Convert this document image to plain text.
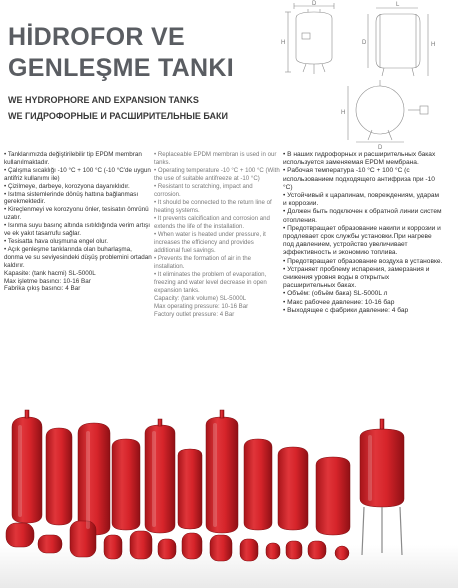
HİDROFOR VE
GENLEŞME TANKI
WE HYDROPHORE AND EXPANSION TANKS
WE ГИДРОФОРНЫЕ И РАСШИРИТЕЛЬНЫЕ БАКИ
D
H
L
D	H
H
D

• Tanklarımızda değiştirilebilir tip EPDM membran kullanılmaktadır.

• Çalışma sıcaklığı -10 °C + 100 °C (-10 °C'de uygun antifriz kullanımı ile)

• Çizilmeye, darbeye, korozyona dayanıklıdır.

• Isıtma sistemlerinde dönüş hattına bağlanması gerekmektedir.

• Kireçlenmeyi ve korozyonu önler, tesisatın ömrünü uzatır.

• Isınma suyu basınç altında ısıtıldığında verim artışı ve ek yakıt tasarrufu sağlar.

• Tesisatta hava oluşmuna engel olur.

• Açık genleşme tanklarında olan buharlaşma, donma ve su seviyesindeki düşüş problemini ortadan kaldırır.

Kapasite: (tank hacmi) SL-5000L

Max işletme basıncı: 10-16 Bar

Fabrika çıkış basıncı: 4 Bar

• Replaceable EPDM membran is used in our tanks.

• Operating temperature -10 °C + 100 °C (With the use of suitable antifreeze at -10 °C)

• Resistant to scratching, impact and corrosion.

• It should be connected to the return line of heating systems.

• It prevents calcification and corrosion and extends the life of the installation.

• When water is heated under pressure, it increases the efficiency and provides additional fuel savings.

• Prevents the formation of air in the installation.

• It eliminates the problem of evaporation, freezing and water level decrease in open expansion tanks.

Capacity: (tank volume) SL-5000L

Max operating pressure: 10-16 Bar

Factory outlet pressure: 4 Bar

• В наших гидрофорных и расширительных баках используется заменяемая EPDM мембрана.

• Рабочая температура -10 °C + 100 °C (с использованием подходящего антифриза при -10 °C)

• Устойчивый к царапинам, повреждениям, ударам и коррозии.

• Должен быть подключен к обратной линии систем отопления.

• Предотвращает образование накипи и коррозии и продлевает срок службы установки.При нагреве под давлением, устройство увеличивает эффективность и экономию топлива.

• Предотвращает образование воздуха в установке.

• Устраняет проблему испарения, замерзания и снижения уровня воды в открытых расширительных баках.

• Объём: (объём бака) SL-5000L л

• Макс рабочее давление: 10-16 бар

• Выходящее с фабрики давление: 4 бар
